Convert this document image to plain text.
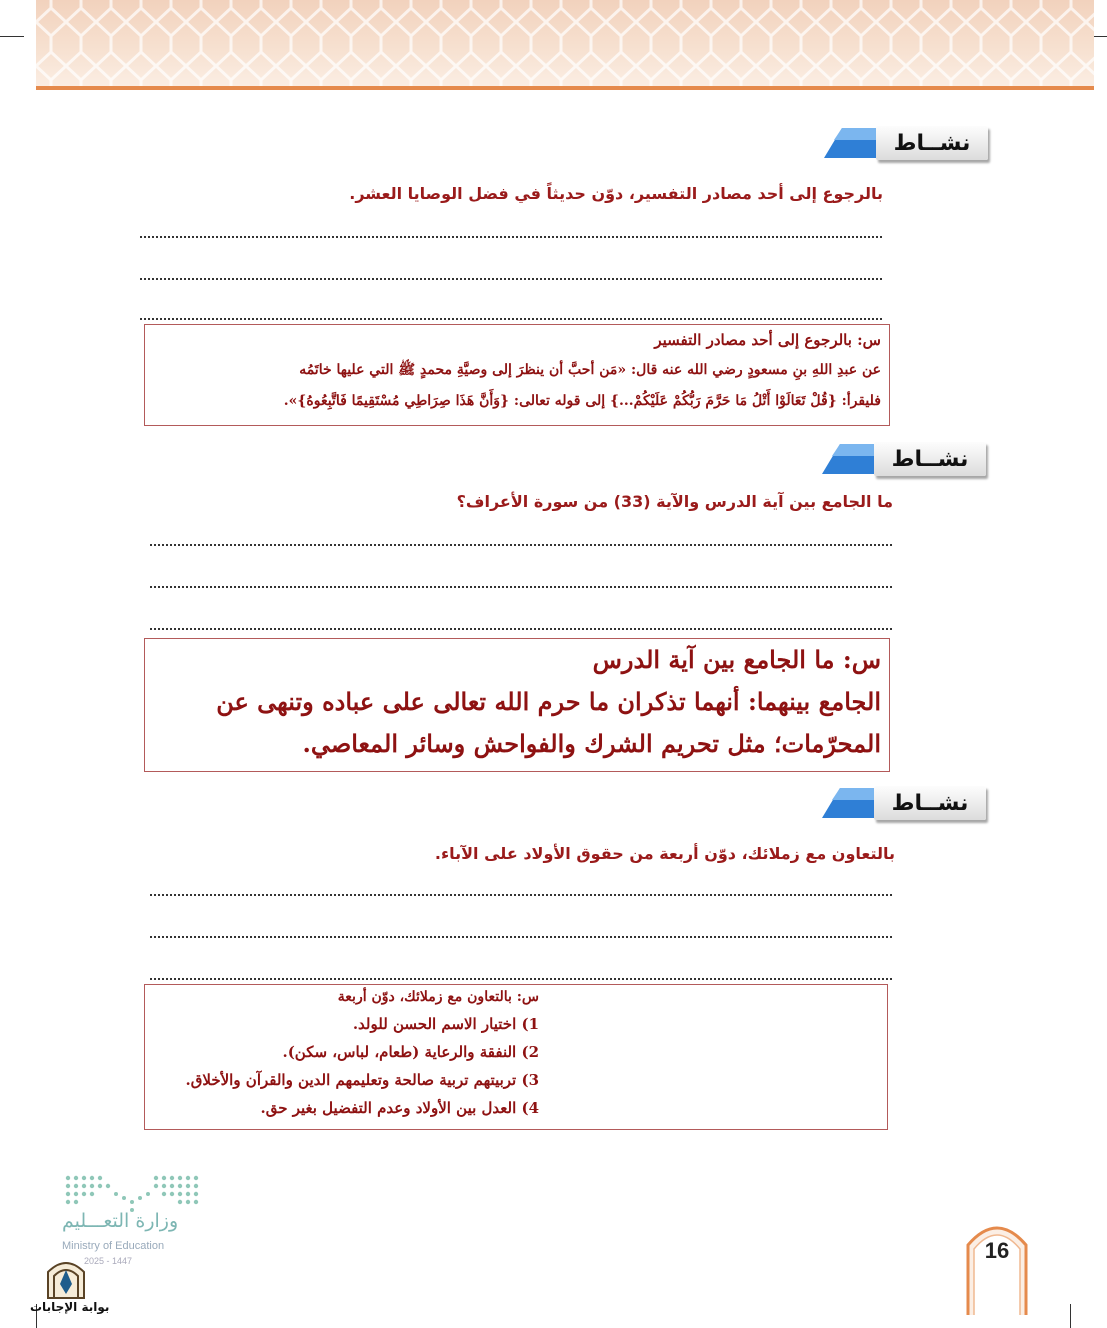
نشــاط
بالرجوع إلى أحد مصادر التفسير، دوّن حديثاً في فضل الوصايا العشر.
س: بالرجوع إلى أحد مصادر التفسير
عن عبدِ اللهِ بنِ مسعودٍ رضي الله عنه قال: «مَن أحبَّ أن ينظرَ إلى وصيَّةِ محمدٍ ﷺ التي عليها خاتَمُه
فليقرأ: {قُلْ تَعَالَوْا أَتْلُ مَا حَرَّمَ رَبُّكُمْ عَلَيْكُمْ...} إلى قوله تعالى: {وَأَنَّ هَذَا صِرَاطِي مُسْتَقِيمًا فَاتَّبِعُوهُ}».
نشــاط
ما الجامع بين آية الدرس والآية (33) من سورة الأعراف؟
س: ما الجامع بين آية الدرس
الجامع بينهما: أنهما تذكران ما حرم الله تعالى على عباده وتنهى عن
المحرّمات؛ مثل تحريم الشرك والفواحش وسائر المعاصي.
نشــاط
بالتعاون مع زملائك، دوّن أربعة من حقوق الأولاد على الآباء.
س: بالتعاون مع زملائك، دوّن أربعة
1) اختيار الاسم الحسن للولد.
2) النفقة والرعاية (طعام، لباس، سكن).
3) تربيتهم تربية صالحة وتعليمهم الدين والقرآن والأخلاق.
4) العدل بين الأولاد وعدم التفضيل بغير حق.
وزارة التعـــليم
Ministry of Education
2025 - 1447
بوابة الإجابات
16
